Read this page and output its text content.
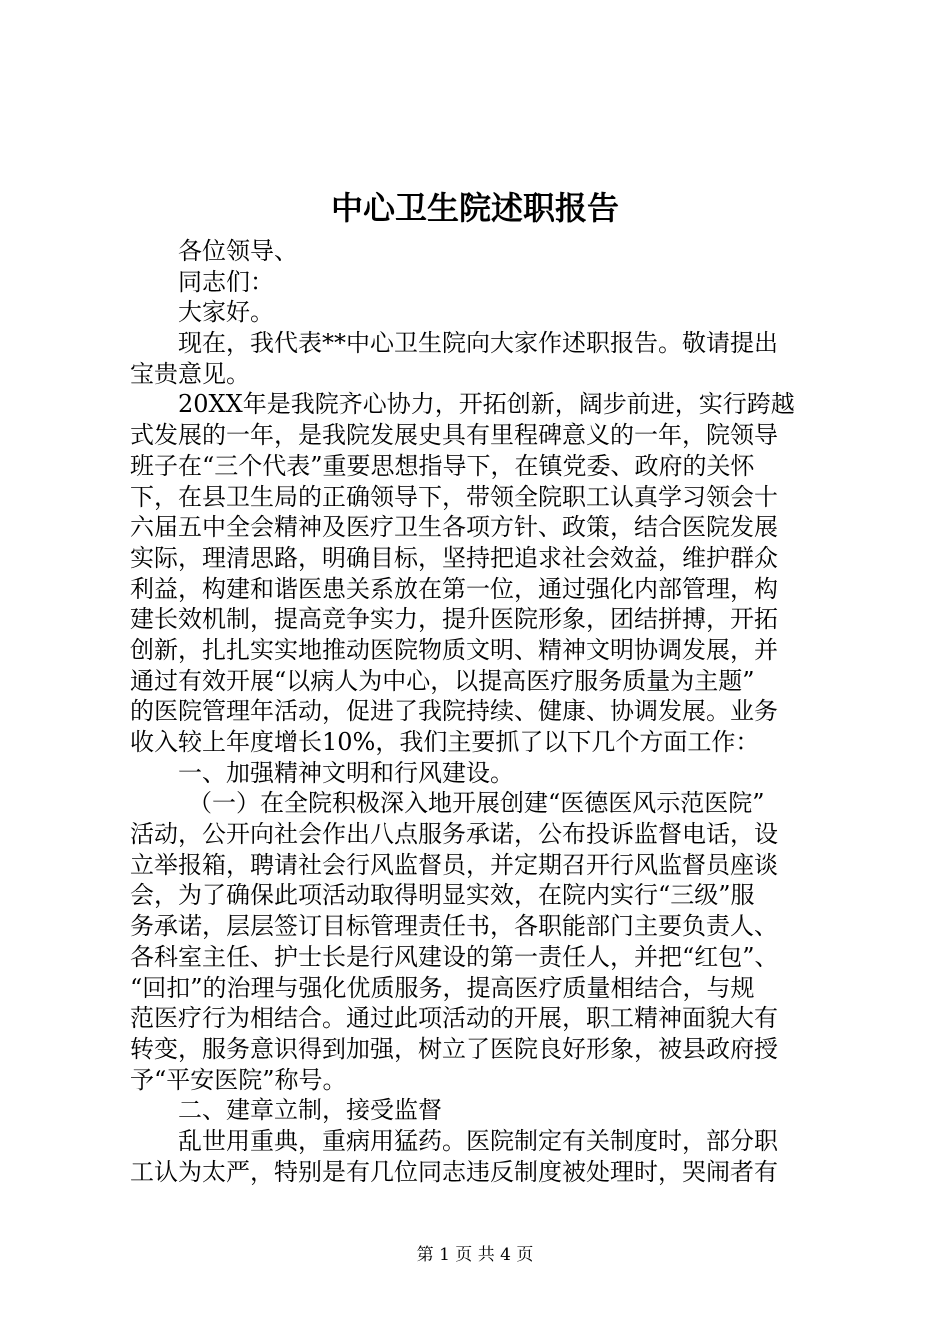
中心卫生院述职报告
各位领导、
同志们：
大家好。
现在，我代表**中心卫生院向大家作述职报告。敬请提出
宝贵意见。
20XX年是我院齐心协力，开拓创新，阔步前进，实行跨越
式发展的一年，是我院发展史具有里程碑意义的一年，院领导
班子在“三个代表”重要思想指导下，在镇党委、政府的关怀
下，在县卫生局的正确领导下，带领全院职工认真学习领会十
六届五中全会精神及医疗卫生各项方针、政策，结合医院发展
实际，理清思路，明确目标，坚持把追求社会效益，维护群众
利益，构建和谐医患关系放在第一位，通过强化内部管理，构
建长效机制，提高竞争实力，提升医院形象，团结拼搏，开拓
创新，扎扎实实地推动医院物质文明、精神文明协调发展，并
通过有效开展“以病人为中心，以提高医疗服务质量为主题”
的医院管理年活动，促进了我院持续、健康、协调发展。业务
收入较上年度增长10%，我们主要抓了以下几个方面工作：
一、加强精神文明和行风建设。
（一）在全院积极深入地开展创建“医德医风示范医院”
活动，公开向社会作出八点服务承诺，公布投诉监督电话，设
立举报箱，聘请社会行风监督员，并定期召开行风监督员座谈
会，为了确保此项活动取得明显实效，在院内实行“三级”服
务承诺，层层签订目标管理责任书，各职能部门主要负责人、
各科室主任、护士长是行风建设的第一责任人，并把“红包”、
“回扣”的治理与强化优质服务，提高医疗质量相结合，与规
范医疗行为相结合。通过此项活动的开展，职工精神面貌大有
转变，服务意识得到加强，树立了医院良好形象，被县政府授
予“平安医院”称号。
二、建章立制，接受监督
乱世用重典，重病用猛药。医院制定有关制度时，部分职
工认为太严，特别是有几位同志违反制度被处理时，哭闹者有
第 1 页 共 4 页
